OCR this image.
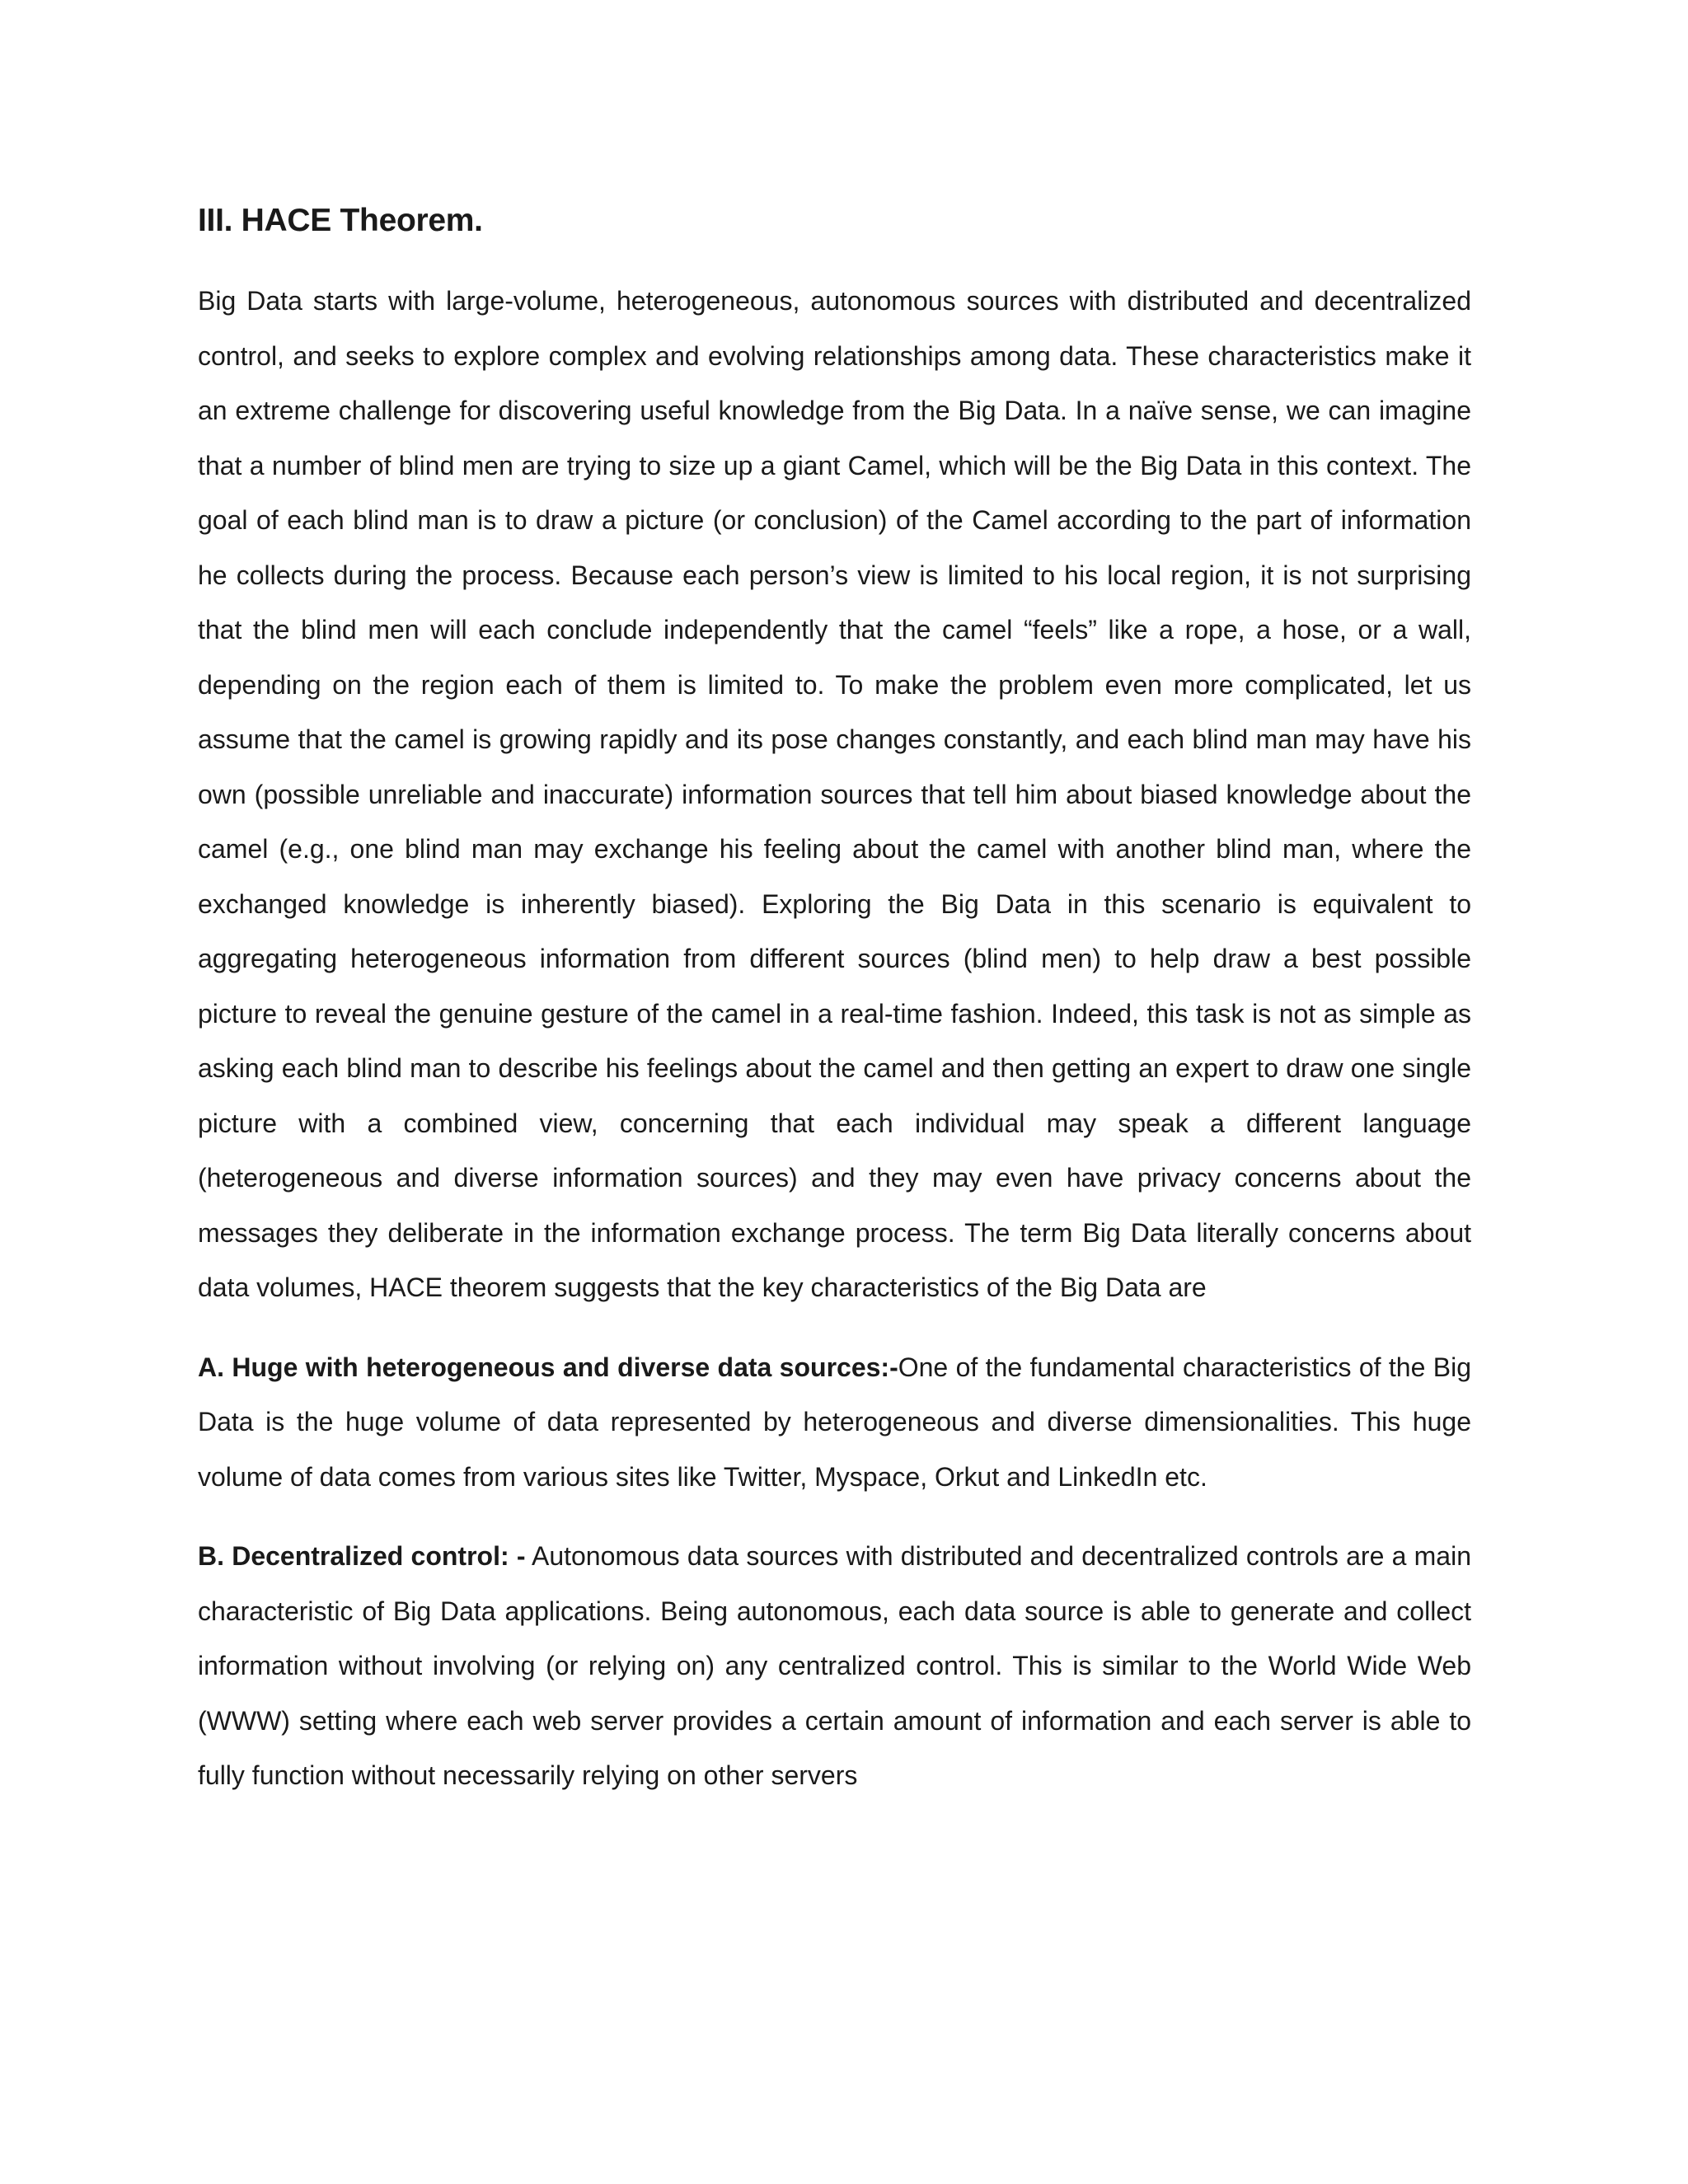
III. HACE Theorem.

Big Data starts with large-volume, heterogeneous, autonomous sources with distributed and decentralized control, and seeks to explore complex and evolving relationships among data. These characteristics make it an extreme challenge for discovering useful knowledge from the Big Data. In a naïve sense, we can imagine that a number of blind men are trying to size up a giant Camel, which will be the Big Data in this context. The goal of each blind man is to draw a picture (or conclusion) of the Camel according to the part of information he collects during the process. Because each person’s view is limited to his local region, it is not surprising that the blind men will each conclude independently that the camel “feels” like a rope, a hose, or a wall, depending on the region each of them is limited to. To make the problem even more complicated, let us assume that the camel is growing rapidly and its pose changes constantly, and each blind man may have his own (possible unreliable and inaccurate) information sources that tell him about biased knowledge about the camel (e.g., one blind man may exchange his feeling about the camel with another blind man, where the exchanged knowledge is inherently biased). Exploring the Big Data in this scenario is equivalent to aggregating heterogeneous information from different sources (blind men) to help draw a best possible picture to reveal the genuine gesture of the camel in a real-time fashion. Indeed, this task is not as simple as asking each blind man to describe his feelings about the camel and then getting an expert to draw one single picture with a combined view, concerning that each individual may speak a different language (heterogeneous and diverse information sources) and they may even have privacy concerns about the messages they deliberate in the information exchange process. The term Big Data literally concerns about data volumes, HACE theorem suggests that the key characteristics of the Big Data are

A. Huge with heterogeneous and diverse data sources:-One of the fundamental characteristics of the Big Data is the huge volume of data represented by heterogeneous and diverse dimensionalities. This huge volume of data comes from various sites like Twitter, Myspace, Orkut and LinkedIn etc.

B. Decentralized control: - Autonomous data sources with distributed and decentralized controls are a main characteristic of Big Data applications. Being autonomous, each data source is able to generate and collect information without involving (or relying on) any centralized control. This is similar to the World Wide Web (WWW) setting where each web server provides a certain amount of information and each server is able to fully function without necessarily relying on other servers
